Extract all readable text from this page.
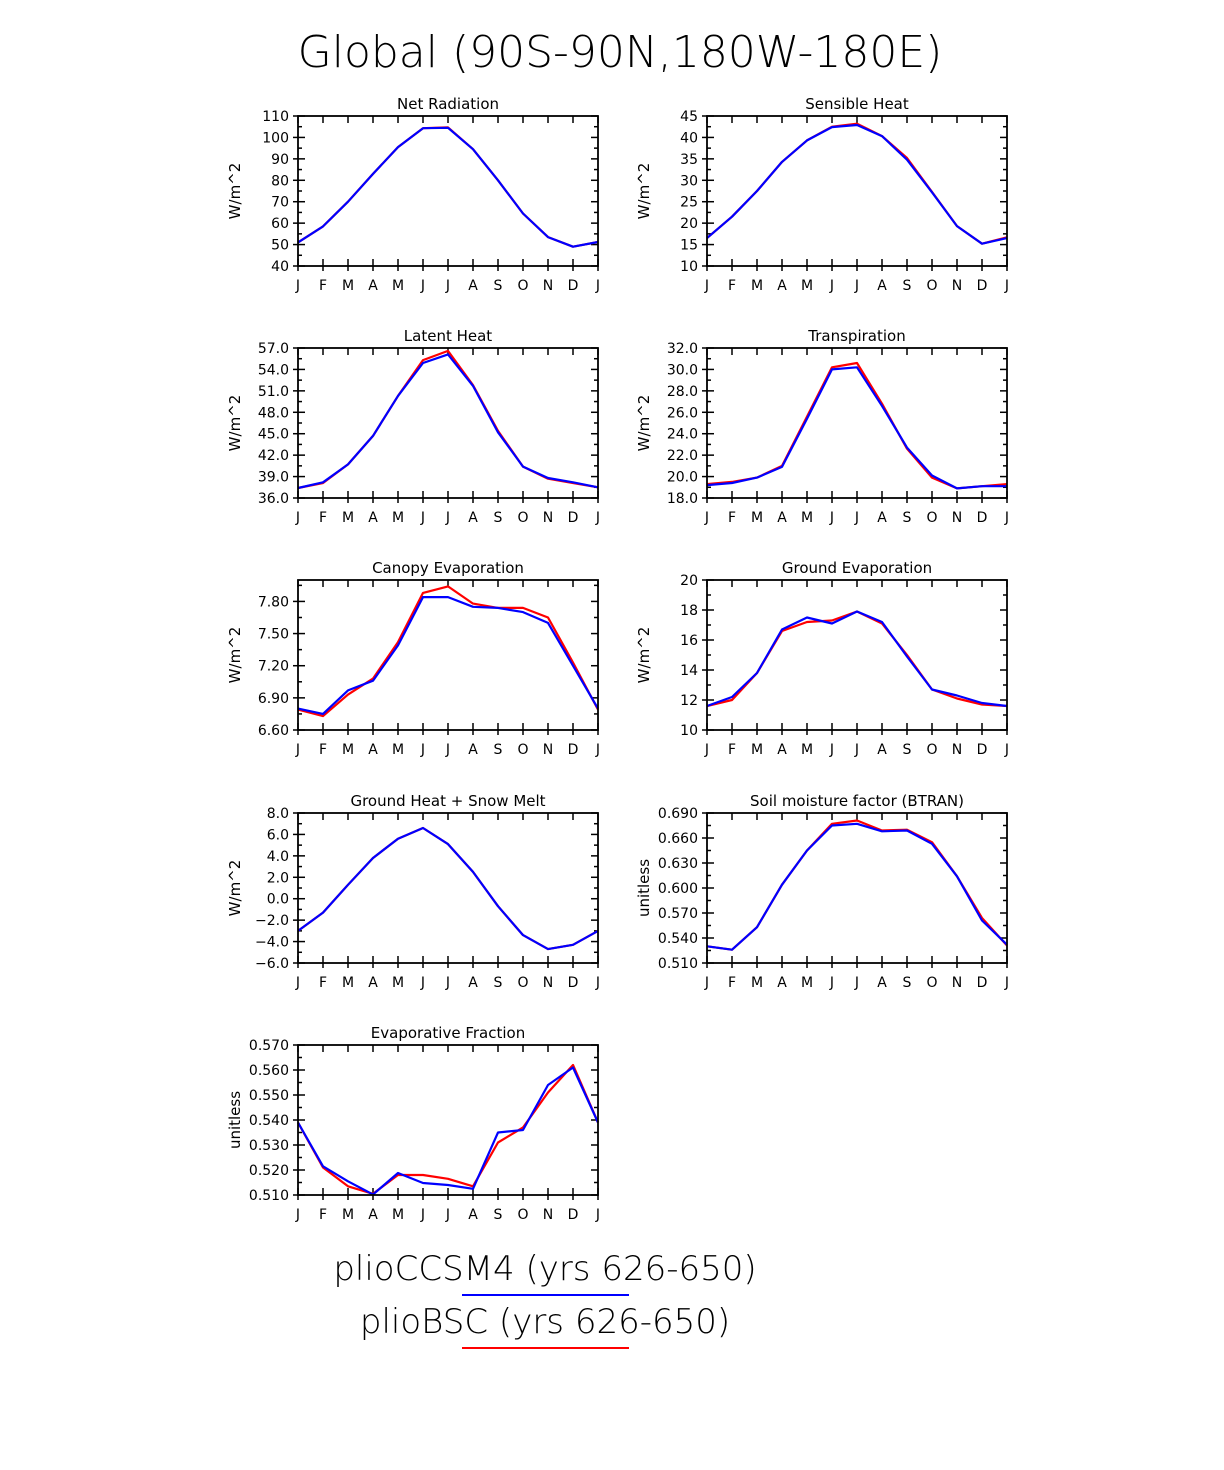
Global (90S-90N,180W-180E)
Net Radiation
W/m^2
110
100
90
80
70
60
50
40
J F M A M J J A S O N D J
Sensible Heat
W/m^2
45
40
35
30
25
20
15
10
J F M A M J J A S O N D J
Latent Heat
W/m^2
57.0
54.0
51.0
48.0
45.0
42.0
39.0
36.0
J F M A M J J A S O N D J
Transpiration
W/m^2
32.0
30.0
28.0
26.0
24.0
22.0
20.0
18.0
J F M A M J J A S O N D J
Canopy Evaporation
W/m^2
7.80
7.50
7.20
6.90
6.60
J F M A M J J A S O N D J
Ground Evaporation
W/m^2
20
18
16
14
12
10
J F M A M J J A S O N D J
Ground Heat + Snow Melt
W/m^2
8.0
6.0
4.0
2.0
0.0
−2.0
−4.0
−6.0
J F M A M J J A S O N D J
Soil moisture factor (BTRAN)
unitless
0.690
0.660
0.630
0.600
0.570
0.540
0.510
J F M A M J J A S O N D J
Evaporative Fraction
unitless
0.570
0.560
0.550
0.540
0.530
0.520
0.510
J F M A M J J A S O N D J
plioCCSM4 (yrs 626-650)
plioBSC (yrs 626-650)
